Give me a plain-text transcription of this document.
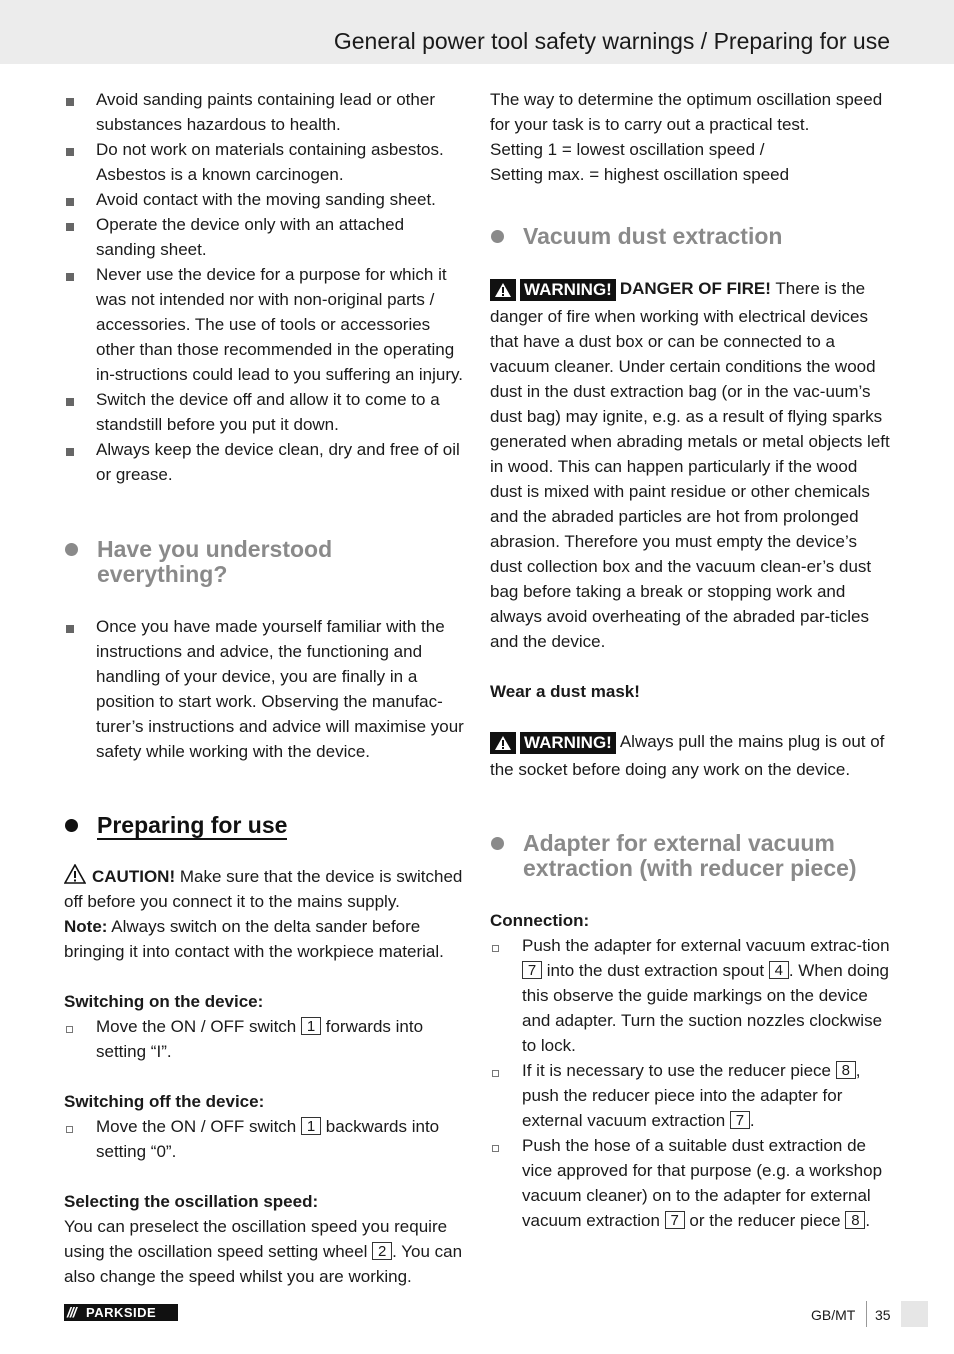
General power tool safety warnings / Preparing for use

Avoid sanding paints containing lead or other substances hazardous to health.

Do not work on materials containing asbestos. Asbestos is a known carcinogen.

Avoid contact with the moving sanding sheet.

Operate the device only with an attached sanding sheet.

Never use the device for a purpose for which it was not intended nor with non-original parts / accessories. The use of tools or accessories other than those recommended in the operating in-structions could lead to you suffering an injury.

Switch the device off and allow it to come to a standstill before you put it down.

Always keep the device clean, dry and free of oil or grease.

Have you understood everything?

Once you have made yourself familiar with the instructions and advice, the functioning and handling of your device, you are finally in a position to start work. Observing the manufac-turer’s instructions and advice will maximise your safety while working with the device.

Preparing for use

CAUTION! Make sure that the device is switched off before you connect it to the mains supply.

Note: Always switch on the delta sander before bringing it into contact with the workpiece material.

Switching on the device:

Move the ON / OFF switch 1 forwards into setting “I”.

Switching off the device:

Move the ON / OFF switch 1 backwards into setting “0”.

Selecting the oscillation speed:

You can preselect the oscillation speed you require using the oscillation speed setting wheel 2 . You can also change the speed whilst you are working.

The way to determine the optimum oscillation speed for your task is to carry out a practical test.

Setting 1 = lowest oscillation speed /

Setting max. = highest oscillation speed

Vacuum dust extraction

WARNING! DANGER OF FIRE! There is the danger of fire when working with electrical devices that have a dust box or can be connected to a vacuum cleaner. Under certain conditions the wood dust in the dust extraction bag (or in the vac-uum’s dust bag) may ignite, e.g. as a result of flying sparks generated when abrading metals or metal objects left in wood. This can happen particularly if the wood dust is mixed with paint residue or other chemicals and the abraded particles are hot from prolonged abrasion. Therefore you must empty the device’s dust collection box and the vacuum clean-er’s dust bag before taking a break or stopping work and always avoid overheating of the abraded par-ticles and the device.

Wear a dust mask!

WARNING! Always pull the mains plug is out of the socket before doing any work on the device.

Adapter for external vacuum extraction (with reducer piece)

Connection:

Push the adapter for external vacuum extrac-tion 7 into the dust extraction spout 4 . When doing this observe the guide markings on the device and adapter. Turn the suction nozzles clockwise to lock.

If it is necessary to use the reducer piece 8 , push the reducer piece into the adapter for external vacuum extraction 7 .

Push the hose of a suitable dust extraction de vice approved for that purpose (e.g. a workshop vacuum cleaner) on to the adapter for external vacuum extraction 7 or the reducer piece 8 .

/// PARKSIDE	GB/MT 35
